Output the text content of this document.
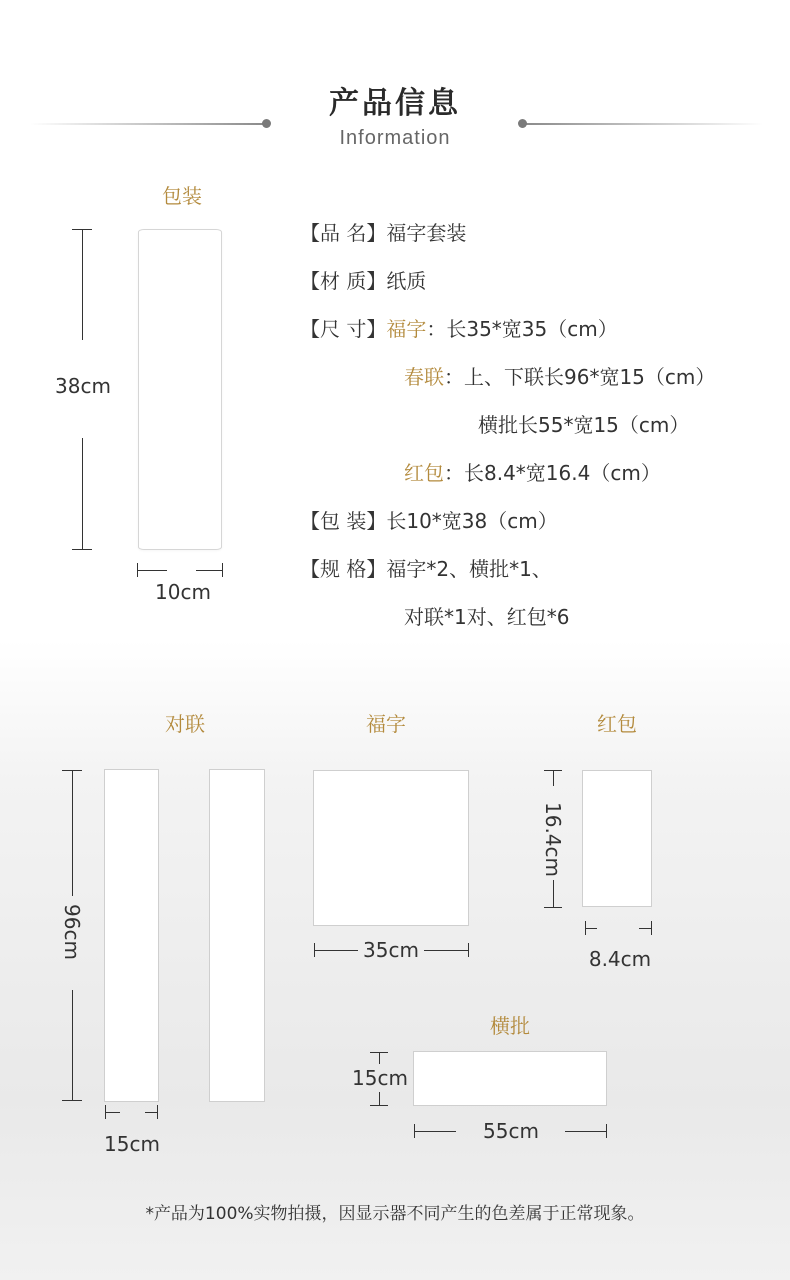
产品信息
Information
包装
38cm
10cm
【品 名】福字套装
【材 质】纸质
【尺 寸】福字：长35*宽35（cm）
春联：上、下联长96*宽15（cm）
横批长55*宽15（cm）
红包：长8.4*宽16.4（cm）
【包 装】长10*宽38（cm）
【规 格】福字*2、横批*1、
对联*1对、红包*6
对联	福字	红包
横批
96cm
15cm
35cm
16.4cm
8.4cm
15cm
55cm
*产品为100%实物拍摄，因显示器不同产生的色差属于正常现象。
